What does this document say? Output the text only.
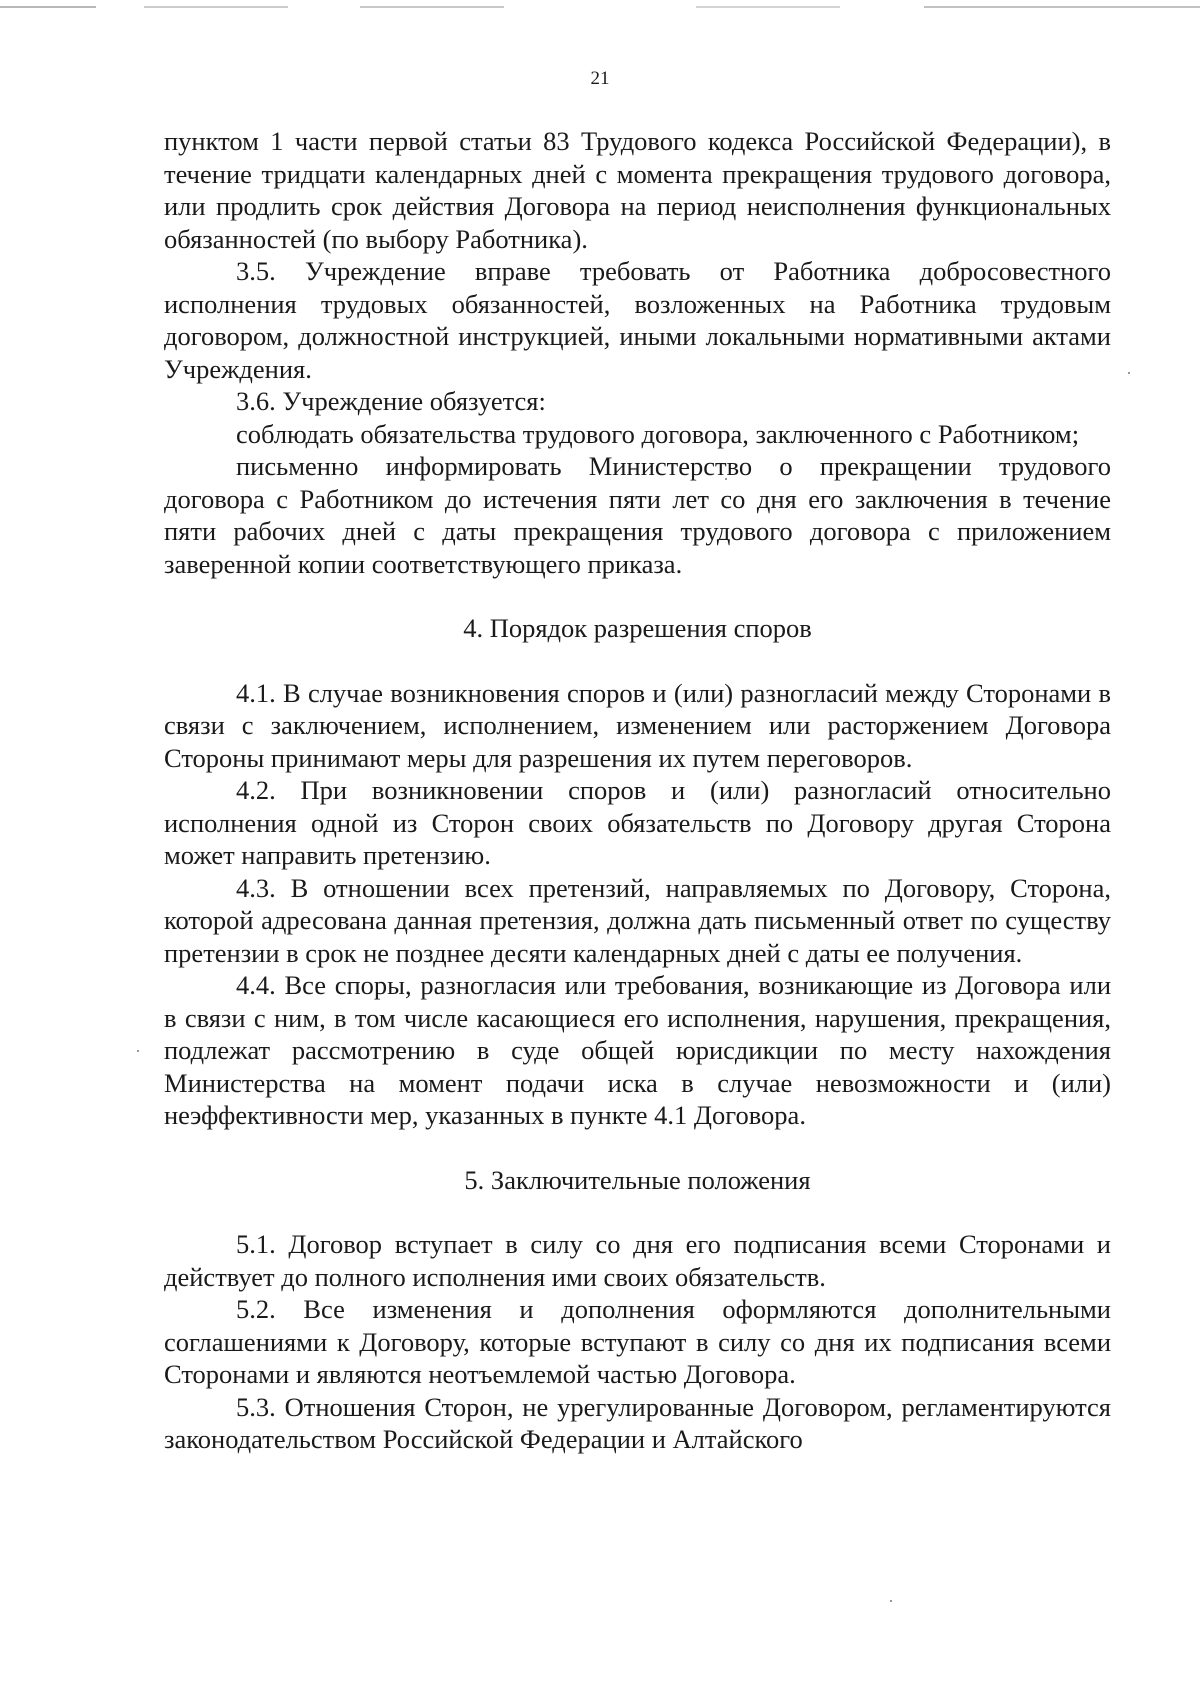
21

пунктом 1 части первой статьи 83 Трудового кодекса Российской Федерации), в течение тридцати календарных дней с момента прекращения трудового договора, или продлить срок действия Договора на период неисполнения функциональных обязанностей (по выбору Работника).

3.5. Учреждение вправе требовать от Работника добросовестного исполнения трудовых обязанностей, возложенных на Работника трудовым договором, должностной инструкцией, иными локальными нормативными актами Учреждения.

3.6. Учреждение обязуется:

соблюдать обязательства трудового договора, заключенного с Работником;

письменно информировать Министерство о прекращении трудового договора с Работником до истечения пяти лет со дня его заключения в течение пяти рабочих дней с даты прекращения трудового договора с приложением заверенной копии соответствующего приказа.

4. Порядок разрешения споров

4.1. В случае возникновения споров и (или) разногласий между Сторонами в связи с заключением, исполнением, изменением или расторжением Договора Стороны принимают меры для разрешения их путем переговоров.

4.2. При возникновении споров и (или) разногласий относительно исполнения одной из Сторон своих обязательств по Договору другая Сторона может направить претензию.

4.3. В отношении всех претензий, направляемых по Договору, Сторона, которой адресована данная претензия, должна дать письменный ответ по существу претензии в срок не позднее десяти календарных дней с даты ее получения.

4.4. Все споры, разногласия или требования, возникающие из Договора или в связи с ним, в том числе касающиеся его исполнения, нарушения, прекращения, подлежат рассмотрению в суде общей юрисдикции по месту нахождения Министерства на момент подачи иска в случае невозможности и (или) неэффективности мер, указанных в пункте 4.1 Договора.

5. Заключительные положения

5.1. Договор вступает в силу со дня его подписания всеми Сторонами и действует до полного исполнения ими своих обязательств.

5.2. Все изменения и дополнения оформляются дополнительными соглашениями к Договору, которые вступают в силу со дня их подписания всеми Сторонами и являются неотъемлемой частью Договора.

5.3. Отношения Сторон, не урегулированные Договором, регламентируются законодательством Российской Федерации и Алтайского
